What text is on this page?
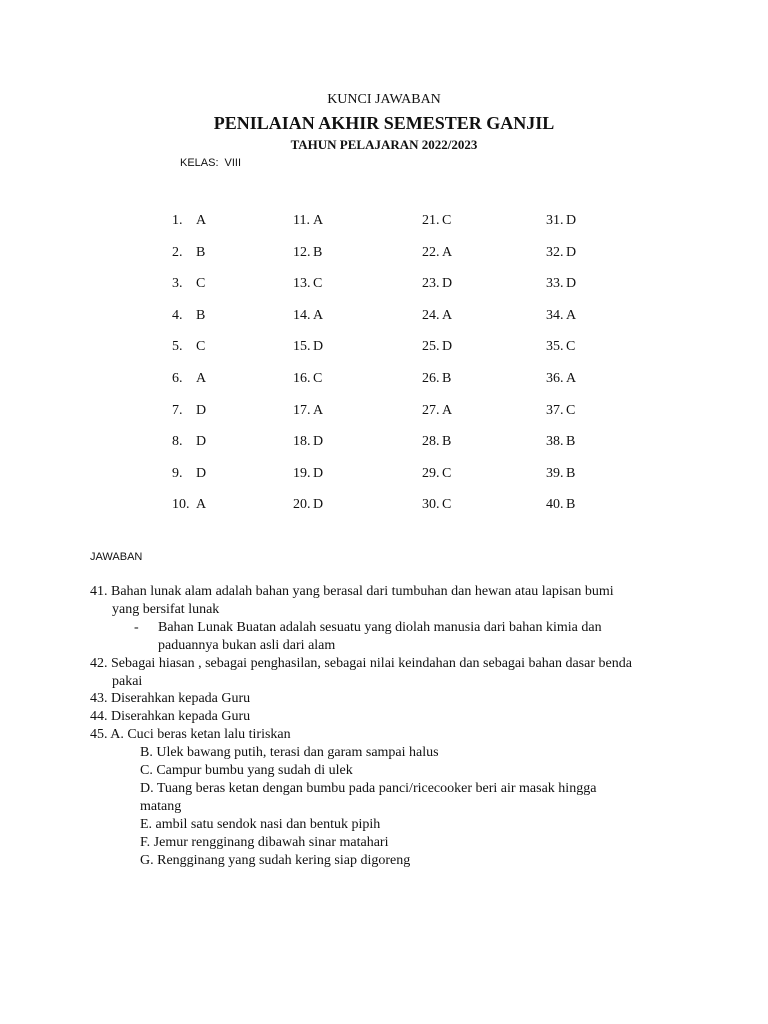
KUNCI JAWABAN
PENILAIAN AKHIR SEMESTER GANJIL
TAHUN PELAJARAN 2022/2023
KELAS: VIII
1. A
2. B
3. C
4. B
5. C
6. A
7. D
8. D
9. D
10. A
11. A
12. B
13. C
14. A
15. D
16. C
17. A
18. D
19. D
20. D
21. C
22. A
23. D
24. A
25. D
26. B
27. A
28. B
29. C
30. C
31. D
32. D
33. D
34. A
35. C
36. A
37. C
38. B
39. B
40. B
JAWABAN
41. Bahan lunak alam adalah bahan yang berasal dari tumbuhan dan hewan atau lapisan bumi
yang bersifat lunak
- Bahan Lunak Buatan adalah sesuatu yang diolah manusia dari bahan kimia dan
paduannya bukan asli dari alam
42. Sebagai hiasan , sebagai penghasilan, sebagai nilai keindahan dan sebagai bahan dasar benda
pakai
43. Diserahkan kepada Guru
44. Diserahkan kepada Guru
45. A. Cuci beras ketan lalu tiriskan
B. Ulek bawang putih, terasi dan garam sampai halus
C. Campur bumbu yang sudah di ulek
D. Tuang beras ketan dengan bumbu pada panci/ricecooker beri air masak hingga
matang
E. ambil satu sendok nasi dan bentuk pipih
F. Jemur rengginang dibawah sinar matahari
G. Rengginang yang sudah kering siap digoreng
